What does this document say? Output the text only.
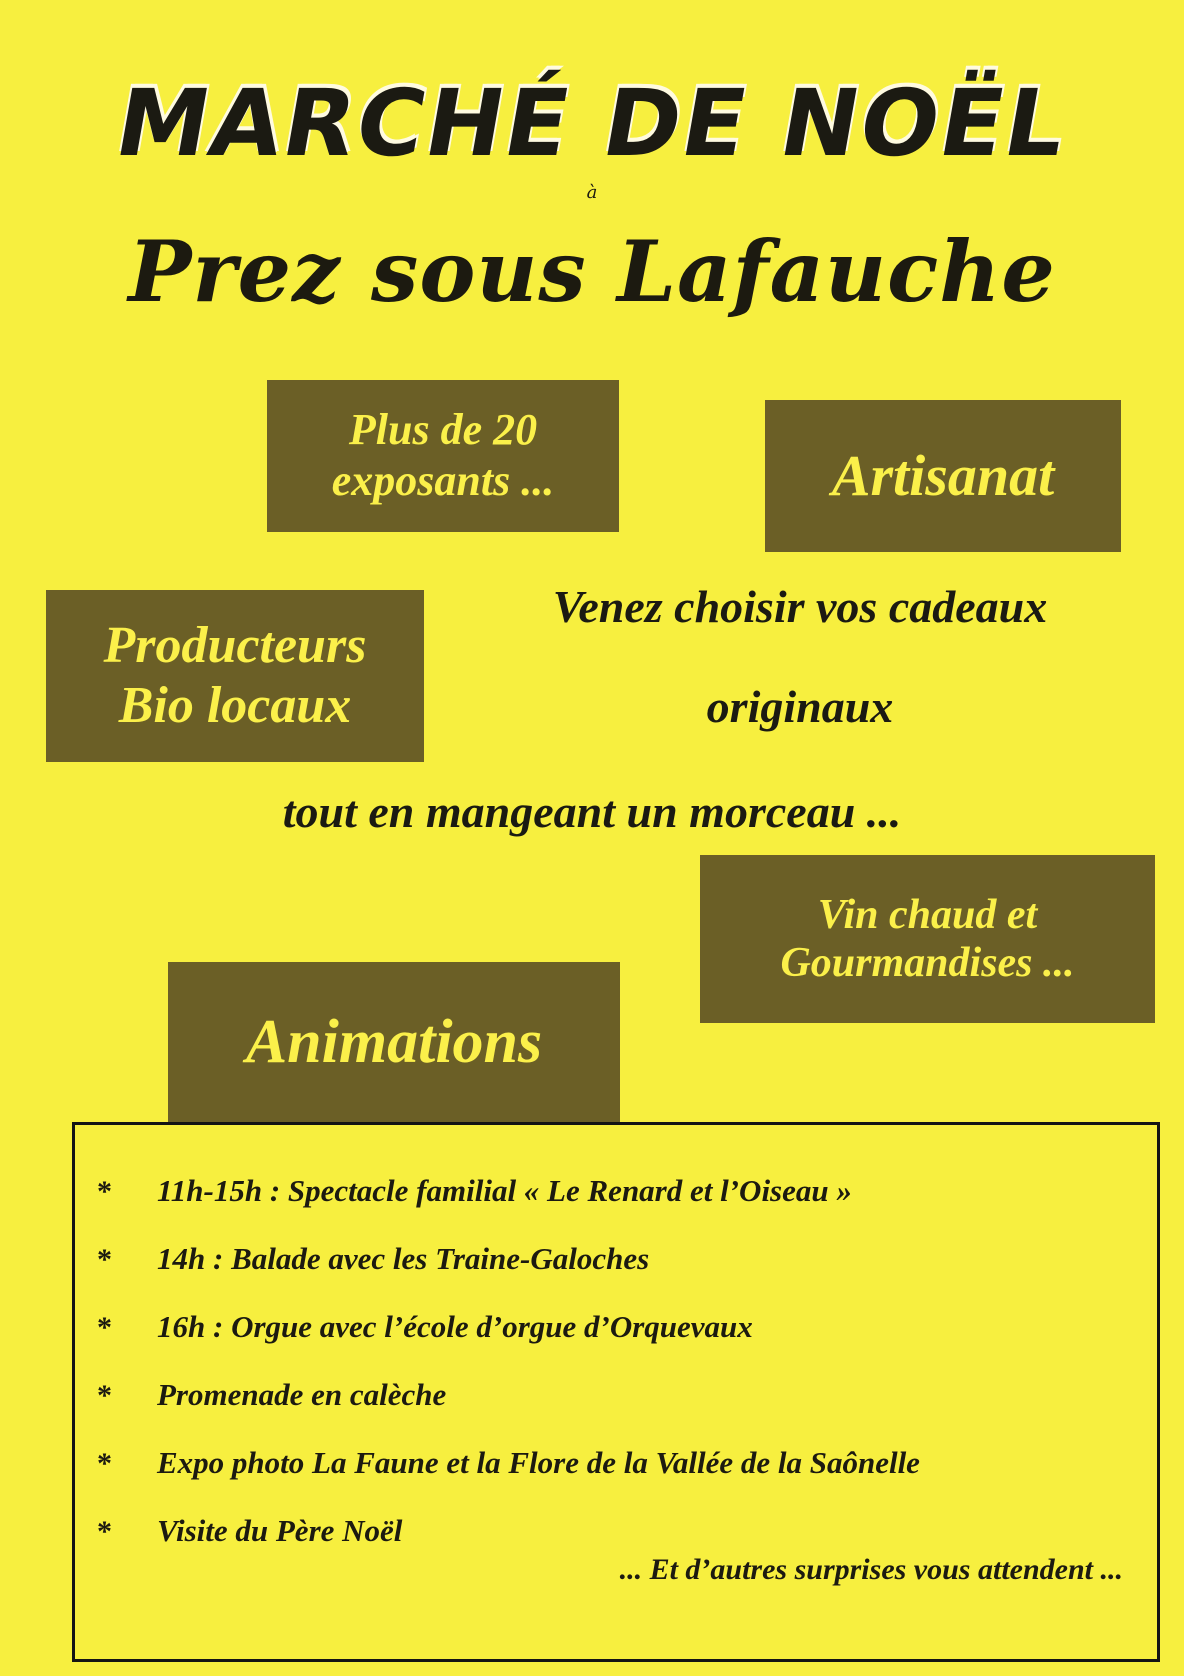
MARCHÉ DE NOËL
à
Prez sous Lafauche
Plus de 20
exposants ...	Artisanat
Producteurs
Bio locaux
Venez choisir vos cadeaux
originaux
tout en mangeant un morceau ...
Vin chaud et
Gourmandises ...
Animations
*	11h-15h : Spectacle familial « Le Renard et l’Oiseau »
*	14h : Balade avec les Traine-Galoches
*	16h : Orgue avec l’école d’orgue d’Orquevaux
*	Promenade en calèche
*	Expo photo La Faune et la Flore de la Vallée de la Saônelle
*	Visite du Père Noël
... Et d’autres surprises vous attendent ...
